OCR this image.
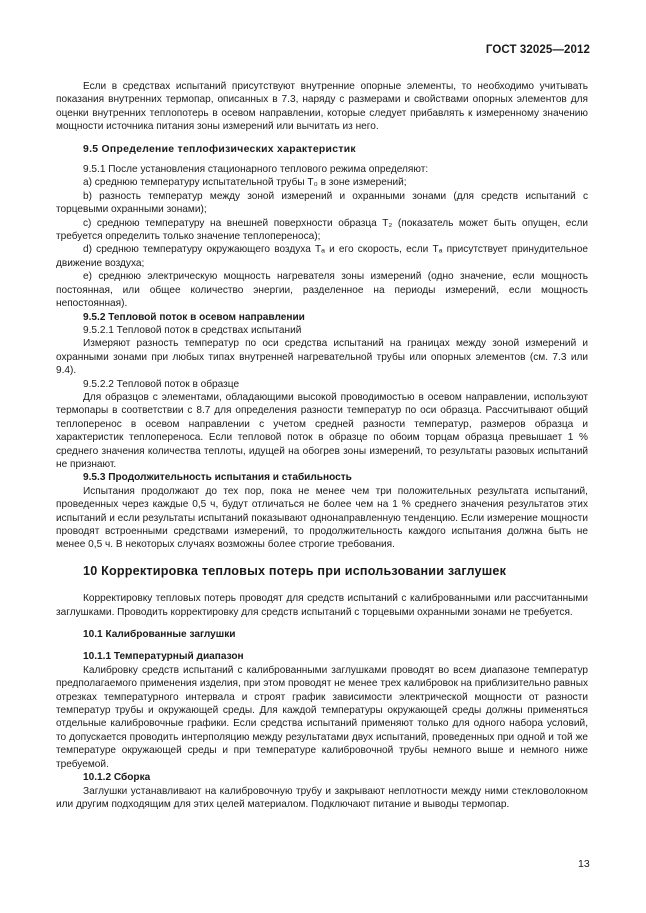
ГОСТ 32025—2012

Если в средствах испытаний присутствуют внутренние опорные элементы, то необходимо учитывать показания внутренних термопар, описанных в 7.3, наряду с размерами и свойствами опорных элементов для оценки внутренних теплопотерь в осевом направлении, которые следует прибавлять к измеренному значению мощности источника питания зоны измерений или вычитать из него.

9.5 Определение теплофизических характеристик

9.5.1 После установления стационарного теплового режима определяют:

а) среднюю температуру испытательной трубы T₀ в зоне измерений;

b) разность температур между зоной измерений и охранными зонами (для средств испытаний с торцевыми охранными зонами);

c) среднюю температуру на внешней поверхности образца T₂ (показатель может быть опущен, если требуется определить только значение теплопереноса);

d) среднюю температуру окружающего воздуха Tₐ и его скорость, если Tₐ присутствует принудительное движение воздуха;

е) среднюю электрическую мощность нагревателя зоны измерений (одно значение, если мощность постоянная, или общее количество энергии, разделенное на периоды измерений, если мощность непостоянная).

9.5.2 Тепловой поток в осевом направлении

9.5.2.1 Тепловой поток в средствах испытаний

Измеряют разность температур по оси средства испытаний на границах между зоной измерений и охранными зонами при любых типах внутренней нагревательной трубы или опорных элементов (см. 7.3 или 9.4).

9.5.2.2 Тепловой поток в образце

Для образцов с элементами, обладающими высокой проводимостью в осевом направлении, используют термопары в соответствии с 8.7 для определения разности температур по оси образца. Рассчитывают общий теплоперенос в осевом направлении с учетом средней разности температур, размеров образца и характеристик теплопереноса. Если тепловой поток в образце по обоим торцам образца превышает 1 % среднего значения количества теплоты, идущей на обогрев зоны измерений, то результаты разовых испытаний не признают.

9.5.3 Продолжительность испытания и стабильность

Испытания продолжают до тех пор, пока не менее чем три положительных результата испытаний, проведенных через каждые 0,5 ч, будут отличаться не более чем на 1 % среднего значения результатов этих испытаний и если результаты испытаний показывают однонаправленную тенденцию. Если измерение мощности проводят встроенными средствами измерений, то продолжительность каждого испытания должна быть не менее 0,5 ч. В некоторых случаях возможны более строгие требования.

10 Корректировка тепловых потерь при использовании заглушек

Корректировку тепловых потерь проводят для средств испытаний с калиброванными или рассчитанными заглушками. Проводить корректировку для средств испытаний с торцевыми охранными зонами не требуется.

10.1 Калиброванные заглушки

10.1.1 Температурный диапазон

Калибровку средств испытаний с калиброванными заглушками проводят во всем диапазоне температур предполагаемого применения изделия, при этом проводят не менее трех калибровок на приблизительно равных отрезках температурного интервала и строят график зависимости электрической мощности от разности температур трубы и окружающей среды. Для каждой температуры окружающей среды должны применяться отдельные калибровочные графики. Если средства испытаний применяют только для одного набора условий, то допускается проводить интерполяцию между результатами двух испытаний, проведенных при одной и той же температуре окружающей среды и при температуре калибровочной трубы немного выше и немного ниже требуемой.

10.1.2 Сборка

Заглушки устанавливают на калибровочную трубу и закрывают неплотности между ними стекловолокном или другим подходящим для этих целей материалом. Подключают питание и выводы термопар.

13
